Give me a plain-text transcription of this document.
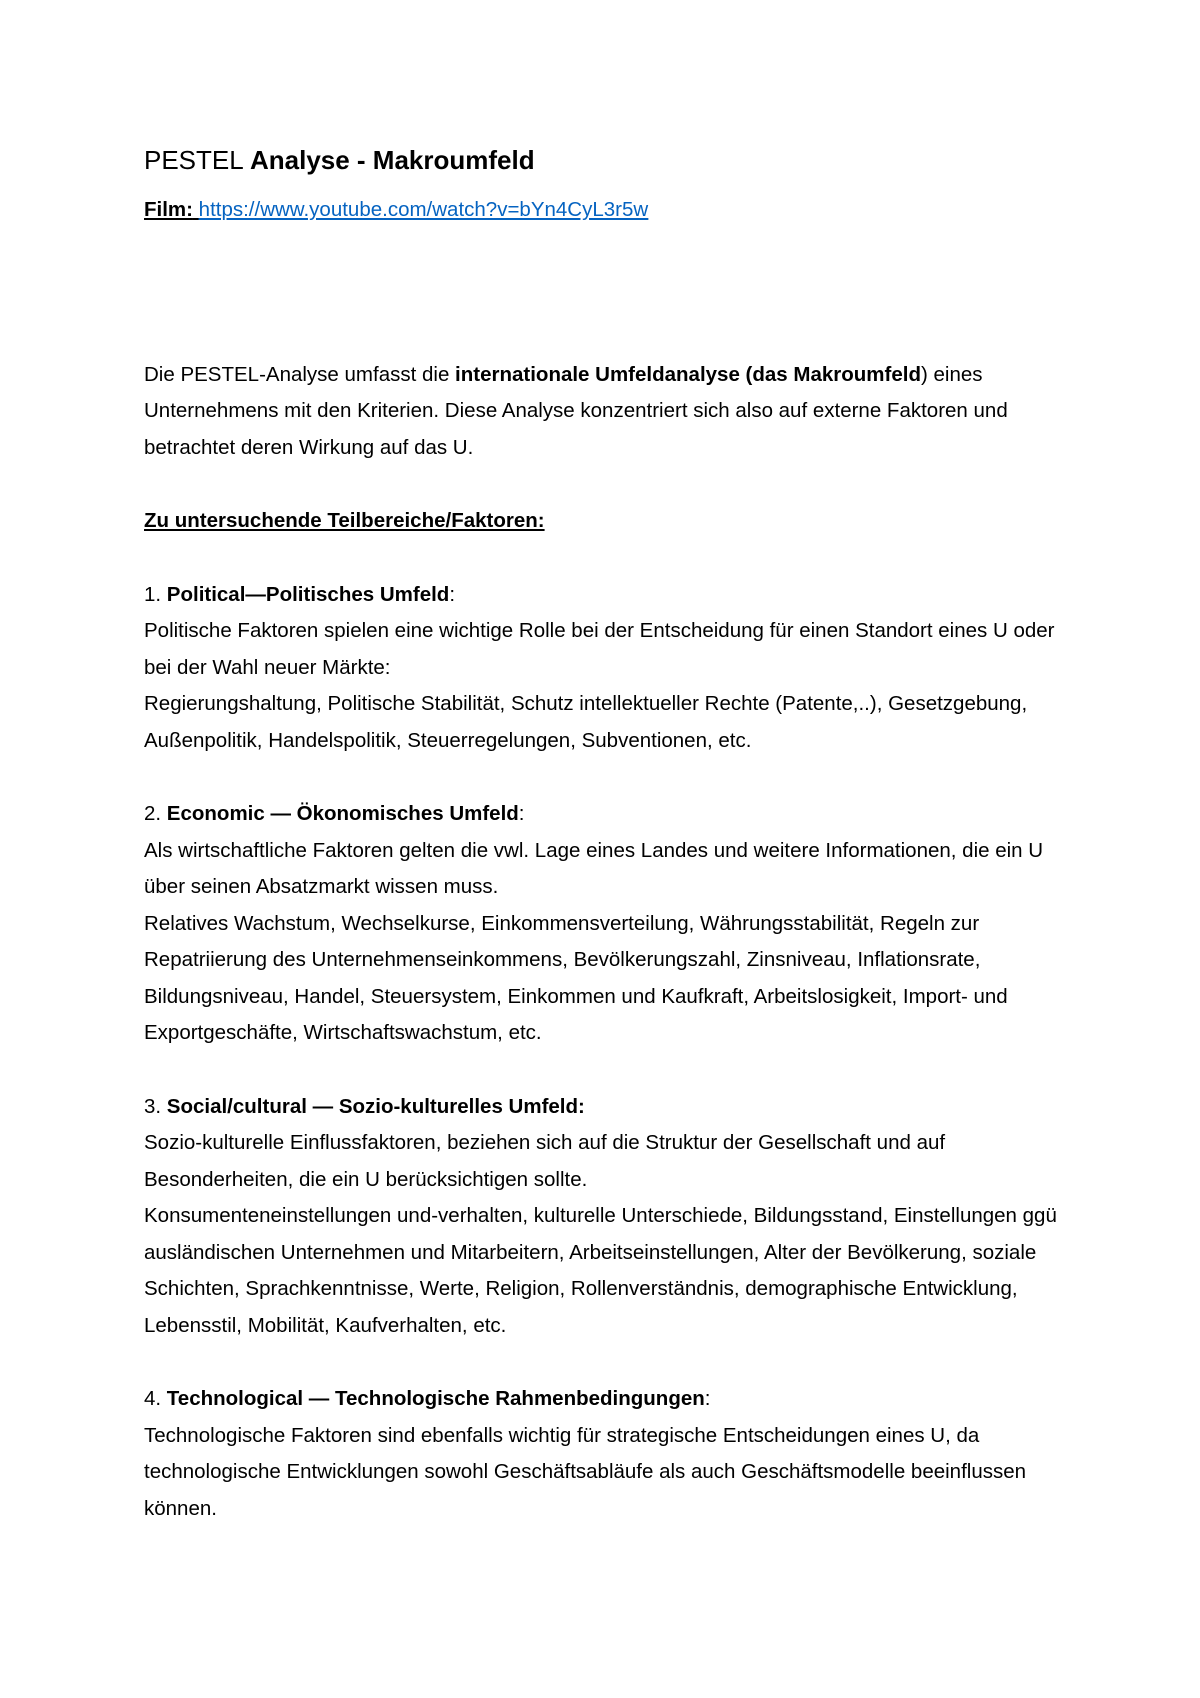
PESTEL Analyse - Makroumfeld

Film: https://www.youtube.com/watch?v=bYn4CyL3r5w

Die PESTEL-Analyse umfasst die internationale Umfeldanalyse (das Makroumfeld) eines Unternehmens mit den Kriterien. Diese Analyse konzentriert sich also auf externe Faktoren und betrachtet deren Wirkung auf das U.

Zu untersuchende Teilbereiche/Faktoren:

1. Political—Politisches Umfeld:

Politische Faktoren spielen eine wichtige Rolle bei der Entscheidung für einen Standort eines U oder bei der Wahl neuer Märkte:

Regierungshaltung, Politische Stabilität, Schutz intellektueller Rechte (Patente,..), Gesetzgebung, Außenpolitik, Handelspolitik, Steuerregelungen, Subventionen, etc.

2. Economic — Ökonomisches Umfeld:

Als wirtschaftliche Faktoren gelten die vwl. Lage eines Landes und weitere Informationen, die ein U über seinen Absatzmarkt wissen muss.

Relatives Wachstum, Wechselkurse, Einkommensverteilung, Währungsstabilität, Regeln zur Repatriierung des Unternehmenseinkommens, Bevölkerungszahl, Zinsniveau, Inflationsrate, Bildungsniveau, Handel, Steuersystem, Einkommen und Kaufkraft, Arbeitslosigkeit, Import- und Exportgeschäfte, Wirtschaftswachstum, etc.

3. Social/cultural — Sozio-kulturelles Umfeld:

Sozio-kulturelle Einflussfaktoren, beziehen sich auf die Struktur der Gesellschaft und auf Besonderheiten, die ein U berücksichtigen sollte.

Konsumenteneinstellungen und-verhalten, kulturelle Unterschiede, Bildungsstand, Einstellungen ggü ausländischen Unternehmen und Mitarbeitern, Arbeitseinstellungen, Alter der Bevölkerung, soziale Schichten, Sprachkenntnisse, Werte, Religion, Rollenverständnis, demographische Entwicklung, Lebensstil, Mobilität, Kaufverhalten, etc.

4. Technological — Technologische Rahmenbedingungen:

Technologische Faktoren sind ebenfalls wichtig für strategische Entscheidungen eines U, da technologische Entwicklungen sowohl Geschäftsabläufe als auch Geschäftsmodelle beeinflussen können.
